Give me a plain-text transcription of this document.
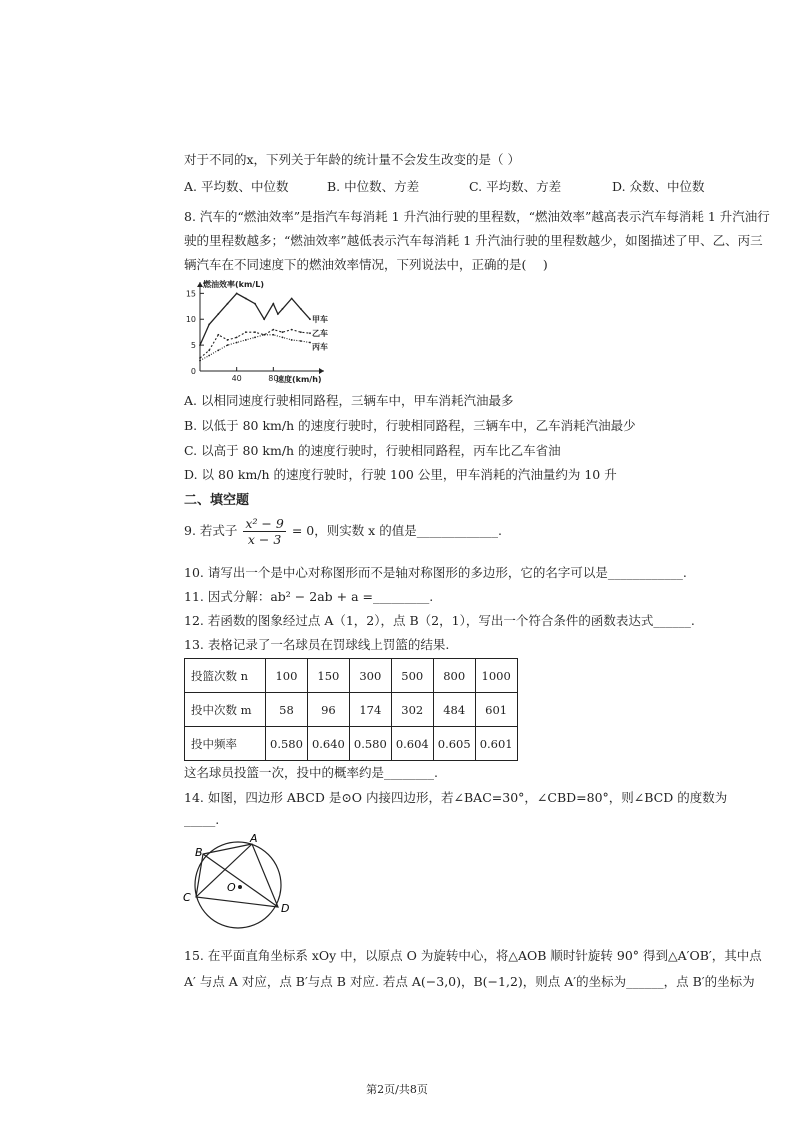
对于不同的x，下列关于年龄的统计量不会发生改变的是（ ）
A. 平均数、中位数	B. 中位数、方差	C. 平均数、方差	D. 众数、中位数
8. 汽车的“燃油效率”是指汽车每消耗 1 升汽油行驶的里程数，“燃油效率”越高表示汽车每消耗 1 升汽油行
驶的里程数越多；“燃油效率”越低表示汽车每消耗 1 升汽油行驶的里程数越少，如图描述了甲、乙、丙三
辆汽车在不同速度下的燃油效率情况，下列说法中，正确的是(　 )
0
5
10
15
40	80
燃油效率(km/L)
速度(km/h)
甲车
乙车
丙车
A. 以相同速度行驶相同路程，三辆车中，甲车消耗汽油最多
B. 以低于 80 km/h 的速度行驶时，行驶相同路程，三辆车中，乙车消耗汽油最少
C. 以高于 80 km/h 的速度行驶时，行驶相同路程，丙车比乙车省油
D. 以 80 km/h 的速度行驶时，行驶 100 公里，甲车消耗的汽油量约为 10 升
二、填空题
9. 若式子 $\frac{\text{x² − 9}}{x - 3} = 0$，则实数 x 的值是_____________.
10. 请写出一个是中心对称图形而不是轴对称图形的多边形，它的名字可以是____________.
11. 因式分解：ab² − 2ab + a =_________.
12. 若函数的图象经过点 A（1，2），点 B（2，1），写出一个符合条件的函数表达式______.
13. 表格记录了一名球员在罚球线上罚篮的结果.
投篮次数 n	100	150	300	500	800	1000
投中次数 m	58	96	174	302	484	601
投中频率	0.580	0.640	0.580	0.604	0.605	0.601
这名球员投篮一次，投中的概率约是________.
14. 如图，四边形 ABCD 是⊙O 内接四边形，若∠BAC=30°，∠CBD=80°，则∠BCD 的度数为
_____.
A
B
C
D
O
15. 在平面直角坐标系 xOy 中，以原点 O 为旋转中心，将△AOB 顺时针旋转 90° 得到△A′OB′，其中点
A′ 与点 A 对应，点 B′与点 B 对应. 若点 A(−3,0)，B(−1,2)，则点 A′的坐标为______，点 B′的坐标为
第2页/共8页
